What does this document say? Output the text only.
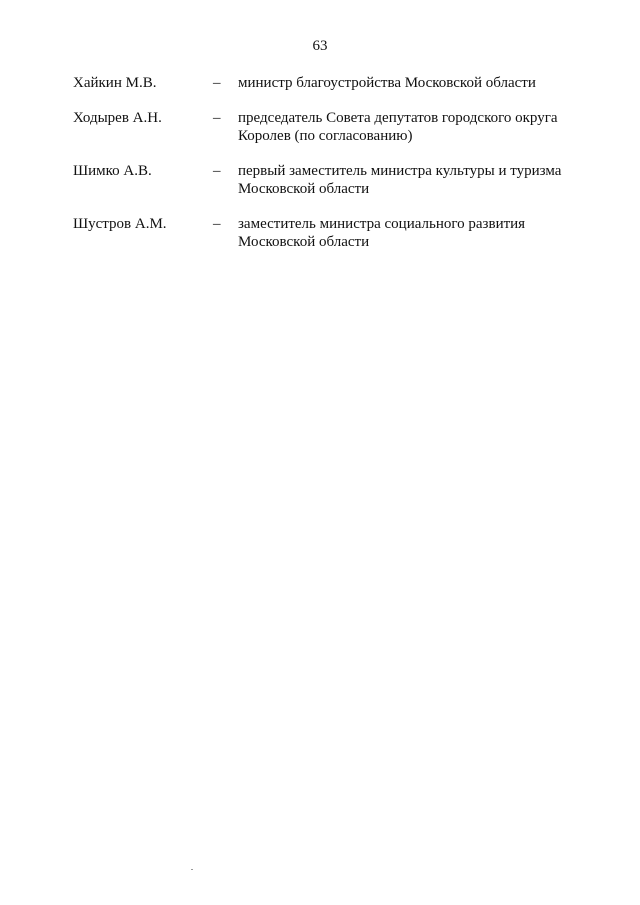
63
Хайкин М.В.	–	министр благоустройства Московской области
Ходырев А.Н.	–	председатель Совета депутатов городского округа Королев (по согласованию)
Шимко А.В.	–	первый заместитель министра культуры и туризма Московской области
Шустров А.М.	–	заместитель министра социального развития Московской области
